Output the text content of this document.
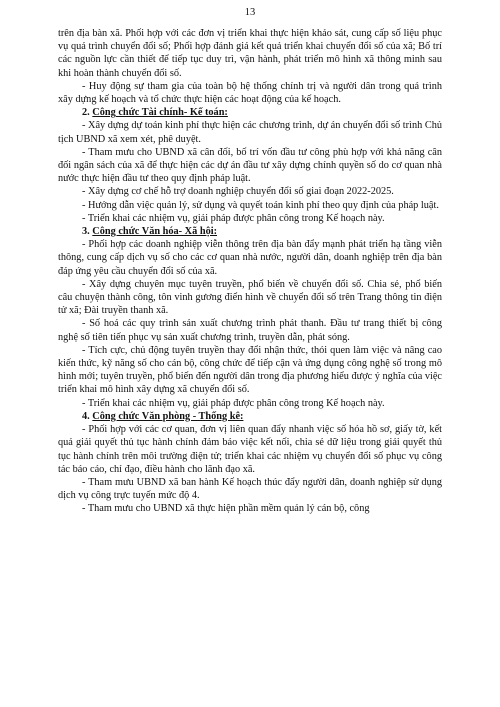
13

trên địa bàn xã. Phối hợp với các đơn vị triển khai thực hiện khảo sát, cung cấp số liệu phục vụ quá trình chuyển đổi số; Phối hợp đánh giá kết quả triển khai chuyển đổi số của xã; Bố trí các nguồn lực cần thiết để tiếp tục duy trì, vận hành, phát triển mô hình xã thông minh sau khi hoàn thành chuyển đổi số.

- Huy động sự tham gia của toàn bộ hệ thống chính trị và người dân trong quá trình xây dựng kế hoạch và tổ chức thực hiện các hoạt động của kế hoạch.

2. Công chức Tài chính- Kế toán:

- Xây dựng dự toán kinh phí thực hiện các chương trình, dự án chuyển đổi số trình Chủ tịch UBND xã xem xét, phê duyệt.

- Tham mưu cho UBND xã cân đối, bố trí vốn đầu tư công phù hợp với khả năng cân đối ngân sách của xã để thực hiện các dự án đầu tư xây dựng chính quyền số do cơ quan nhà nước thực hiện đầu tư theo quy định pháp luật.

- Xây dựng cơ chế hỗ trợ doanh nghiệp chuyển đổi số giai đoạn 2022-2025.

- Hướng dẫn việc quản lý, sử dụng và quyết toán kinh phí theo quy định của pháp luật.

- Triển khai các nhiệm vụ, giải pháp được phân công trong Kế hoạch này.

3. Công chức Văn hóa- Xã hội:

- Phối hợp các doanh nghiệp viễn thông trên địa bàn đẩy mạnh phát triển hạ tầng viễn thông, cung cấp dịch vụ số cho các cơ quan nhà nước, người dân, doanh nghiệp trên địa bàn đáp ứng yêu cầu chuyển đổi số của xã.

- Xây dựng chuyên mục tuyên truyền, phổ biến về chuyển đổi số. Chia sẻ, phổ biến câu chuyện thành công, tôn vinh gương điển hình về chuyển đổi số trên Trang thông tin điện tử xã; Đài truyền thanh xã.

- Số hoá các quy trình sản xuất chương trình phát thanh. Đầu tư trang thiết bị công nghệ số tiên tiến phục vụ sản xuất chương trình, truyền dẫn, phát sóng.

- Tích cực, chủ động tuyên truyền thay đổi nhận thức, thói quen làm việc và nâng cao kiến thức, kỹ năng số cho cán bộ, công chức để tiếp cận và ứng dụng công nghệ số trong mô hình mới; tuyên truyền, phổ biến đến người dân trong địa phương hiểu được ý nghĩa của việc triển khai mô hình xây dựng xã chuyển đổi số.

- Triển khai các nhiệm vụ, giải pháp được phân công trong Kế hoạch này.

4. Công chức Văn phòng - Thống kê:

- Phối hợp với các cơ quan, đơn vị liên quan đẩy nhanh việc số hóa hồ sơ, giấy tờ, kết quả giải quyết thủ tục hành chính đảm bảo việc kết nối, chia sẻ dữ liệu trong giải quyết thủ tục hành chính trên môi trường điện tử; triển khai các nhiệm vụ chuyển đổi số phục vụ công tác báo cáo, chỉ đạo, điều hành cho lãnh đạo xã.

- Tham mưu UBND xã ban hành Kế hoạch thúc đẩy người dân, doanh nghiệp sử dụng dịch vụ công trực tuyến mức độ 4.

- Tham mưu cho UBND xã thực hiện phần mềm quản lý cán bộ, công
